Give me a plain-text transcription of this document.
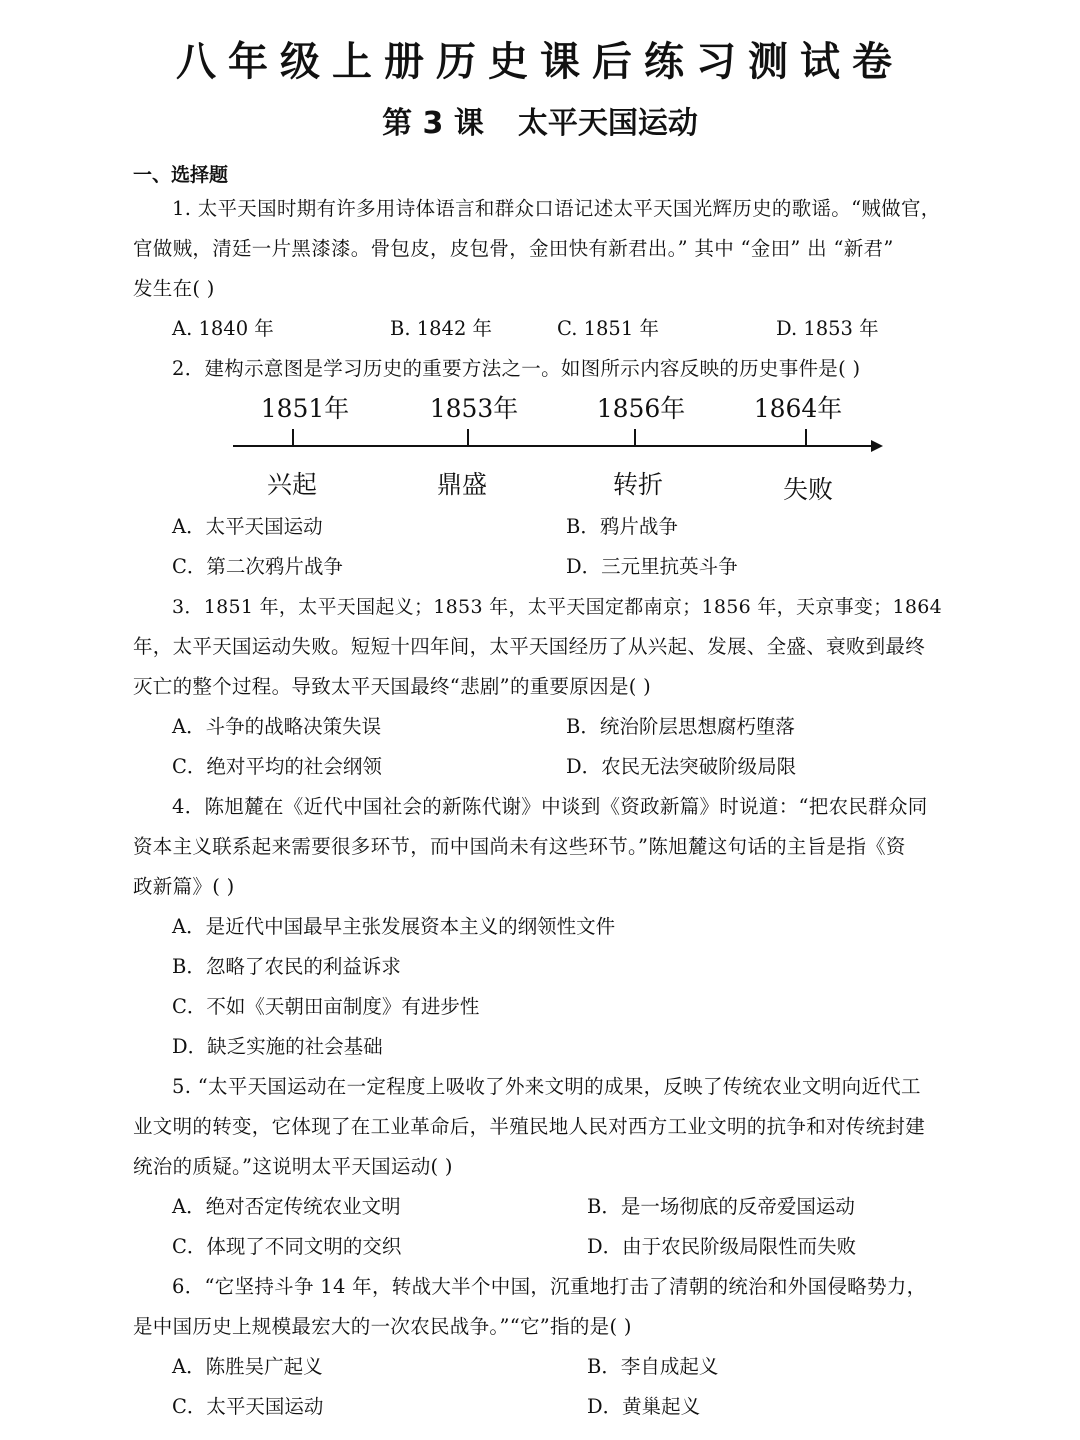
八年级上册历史课后练习测试卷
第 3 课 太平天国运动
一、选择题
1. 太平天国时期有许多用诗体语言和群众口语记述太平天国光辉历史的歌谣。“贼做官，
官做贼，清廷一片黑漆漆。骨包皮，皮包骨，金田快有新君出。” 其中 “金田” 出 “新君”
发生在( )
A. 1840 年	B. 1842 年	C. 1851 年	D. 1853 年
2．建构示意图是学习历史的重要方法之一。如图所示内容反映的历史事件是( )
1851年	1853年	1856年	1864年
兴起	鼎盛	转折	失败
A．太平天国运动	B．鸦片战争
C．第二次鸦片战争	D．三元里抗英斗争
3．1851 年，太平天国起义；1853 年，太平天国定都南京；1856 年，天京事变；1864
年，太平天国运动失败。短短十四年间，太平天国经历了从兴起、发展、全盛、衰败到最终
灭亡的整个过程。导致太平天国最终“悲剧”的重要原因是( )
A．斗争的战略决策失误	B．统治阶层思想腐朽堕落
C．绝对平均的社会纲领	D．农民无法突破阶级局限
4．陈旭麓在《近代中国社会的新陈代谢》中谈到《资政新篇》时说道：“把农民群众同
资本主义联系起来需要很多环节，而中国尚未有这些环节。”陈旭麓这句话的主旨是指《资
政新篇》( )
A．是近代中国最早主张发展资本主义的纲领性文件
B．忽略了农民的利益诉求
C．不如《天朝田亩制度》有进步性
D．缺乏实施的社会基础
5. “太平天国运动在一定程度上吸收了外来文明的成果，反映了传统农业文明向近代工
业文明的转变，它体现了在工业革命后，半殖民地人民对西方工业文明的抗争和对传统封建
统治的质疑。”这说明太平天国运动( )
A．绝对否定传统农业文明	B．是一场彻底的反帝爱国运动
C．体现了不同文明的交织	D．由于农民阶级局限性而失败
6．“它坚持斗争 14 年，转战大半个中国，沉重地打击了清朝的统治和外国侵略势力，
是中国历史上规模最宏大的一次农民战争。”“它”指的是( )
A．陈胜吴广起义	B．李自成起义
C．太平天国运动	D．黄巢起义
